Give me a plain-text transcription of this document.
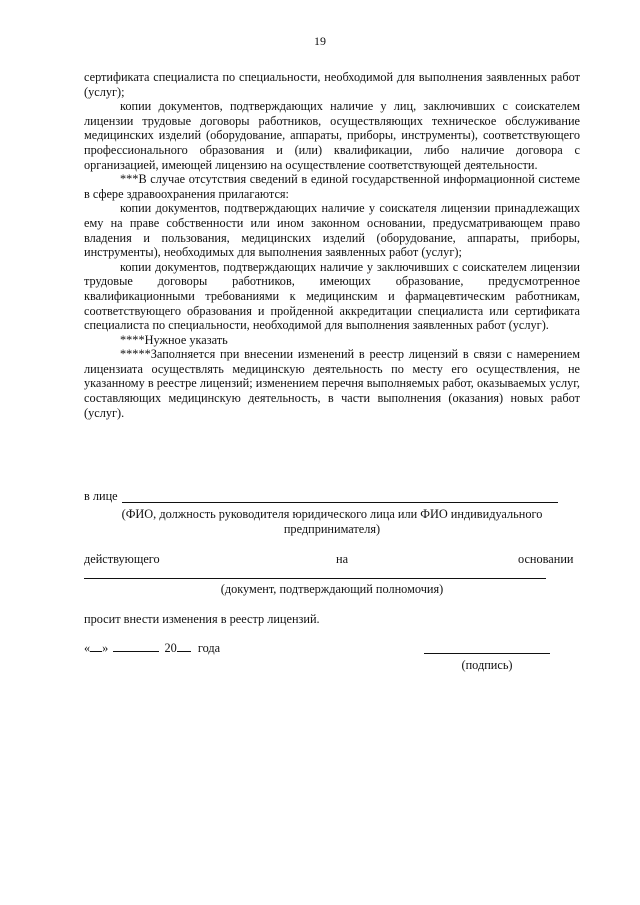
19

сертификата специалиста по специальности, необходимой для выполнения заявленных работ (услуг);

копии документов, подтверждающих наличие у лиц, заключивших с соискателем лицензии трудовые договоры работников, осуществляющих техническое обслуживание медицинских изделий (оборудование, аппараты, приборы, инструменты), соответствующего профессионального образования и (или) квалификации, либо наличие договора с организацией, имеющей лицензию на осуществление соответствующей деятельности.

***В случае отсутствия сведений в единой государственной информационной системе в сфере здравоохранения прилагаются:

копии документов, подтверждающих наличие у соискателя лицензии принадлежащих ему на праве собственности или ином законном основании, предусматривающем право владения и пользования, медицинских изделий (оборудование, аппараты, приборы, инструменты), необходимых для выполнения заявленных работ (услуг);

копии документов, подтверждающих наличие у заключивших с соискателем лицензии трудовые договоры работников, имеющих образование, предусмотренное квалификационными требованиями к медицинским и фармацевтическим работникам, соответствующего образования и пройденной аккредитации специалиста или сертификата специалиста по специальности, необходимой для выполнения заявленных работ (услуг).

****Нужное указать

*****Заполняется при внесении изменений в реестр лицензий в связи с намерением лицензиата осуществлять медицинскую деятельность по месту его осуществления, не указанному в реестре лицензий; изменением перечня выполняемых работ, оказываемых услуг, составляющих медицинскую деятельность, в части выполнения (оказания) новых работ (услуг).

в лице
(ФИО, должность руководителя юридического лица или ФИО индивидуального
предпринимателя)
действующего	на	основании
(документ, подтверждающий полномочия)
просит внести изменения в реестр лицензий.
« »	20 года
(подпись)
